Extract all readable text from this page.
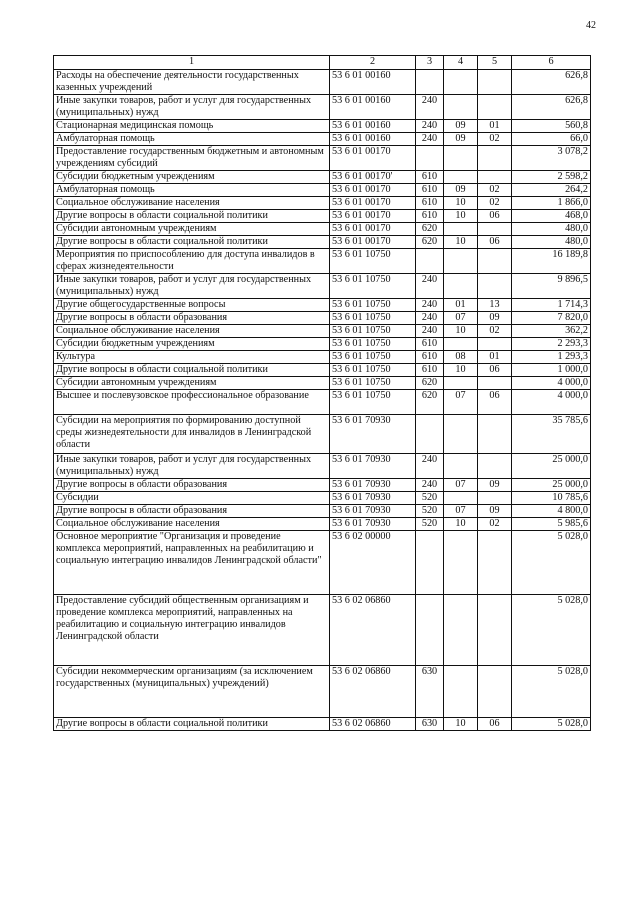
42
1	2	3	4	5	6
Расходы на обеспечение деятельности государственных казенных учреждений	53 6 01 00160				626,8
Иные закупки товаров, работ и услуг для государственных (муниципальных) нужд	53 6 01 00160	240			626,8
Стационарная медицинская помощь	53 6 01 00160	240	09	01	560,8
Амбулаторная помощь	53 6 01 00160	240	09	02	66,0
Предоставление государственным бюджетным и автономным учреждениям субсидий	53 6 01 00170				3 078,2
Субсидии бюджетным учреждениям	53 6 01 00170'	610			2 598,2
Амбулаторная помощь	53 6 01 00170	610	09	02	264,2
Социальное обслуживание населения	53 6 01 00170	610	10	02	1 866,0
Другие вопросы в области социальной политики	53 6 01 00170	610	10	06	468,0
Субсидии автономным учреждениям	53 6 01 00170	620			480,0
Другие вопросы в области социальной политики	53 6 01 00170	620	10	06	480,0
Мероприятия по приспособлению для доступа инвалидов в сферах жизнедеятельности	53 6 01 10750				16 189,8
Иные закупки товаров, работ и услуг для государственных (муниципальных) нужд	53 6 01 10750	240			9 896,5
Другие общегосударственные вопросы	53 6 01 10750	240	01	13	1 714,3
Другие вопросы в области образования	53 6 01 10750	240	07	09	7 820,0
Социальное обслуживание населения	53 6 01 10750	240	10	02	362,2
Субсидии бюджетным учреждениям	53 6 01 10750	610			2 293,3
Культура	53 6 01 10750	610	08	01	1 293,3
Другие вопросы в области социальной политики	53 6 01 10750	610	10	06	1 000,0
Субсидии автономным учреждениям	53 6 01 10750	620			4 000,0
Высшее и послевузовское профессиональное образование	53 6 01 10750	620	07	06	4 000,0
Субсидии на мероприятия по формированию доступной среды жизнедеятельности для инвалидов в Ленинградской области	53 6 01 70930				35 785,6
Иные закупки товаров, работ и услуг для государственных (муниципальных) нужд	53 6 01 70930	240			25 000,0
Другие вопросы в области образования	53 6 01 70930	240	07	09	25 000,0
Субсидии	53 6 01 70930	520			10 785,6
Другие вопросы в области образования	53 6 01 70930	520	07	09	4 800,0
Социальное обслуживание населения	53 6 01 70930	520	10	02	5 985,6
Основное мероприятие "Организация и проведение комплекса мероприятий, направленных на реабилитацию и социальную интеграцию инвалидов Ленинградской области"	53 6 02 00000				5 028,0
Предоставление субсидий общественным организациям и проведение комплекса мероприятий, направленных на реабилитацию и социальную интеграцию инвалидов Ленинградской области	53 6 02 06860				5 028,0
Субсидии некоммерческим организациям (за исключением государственных (муниципальных) учреждений)	53 6 02 06860	630			5 028,0
Другие вопросы в области социальной политики	53 6 02 06860	630	10	06	5 028,0
